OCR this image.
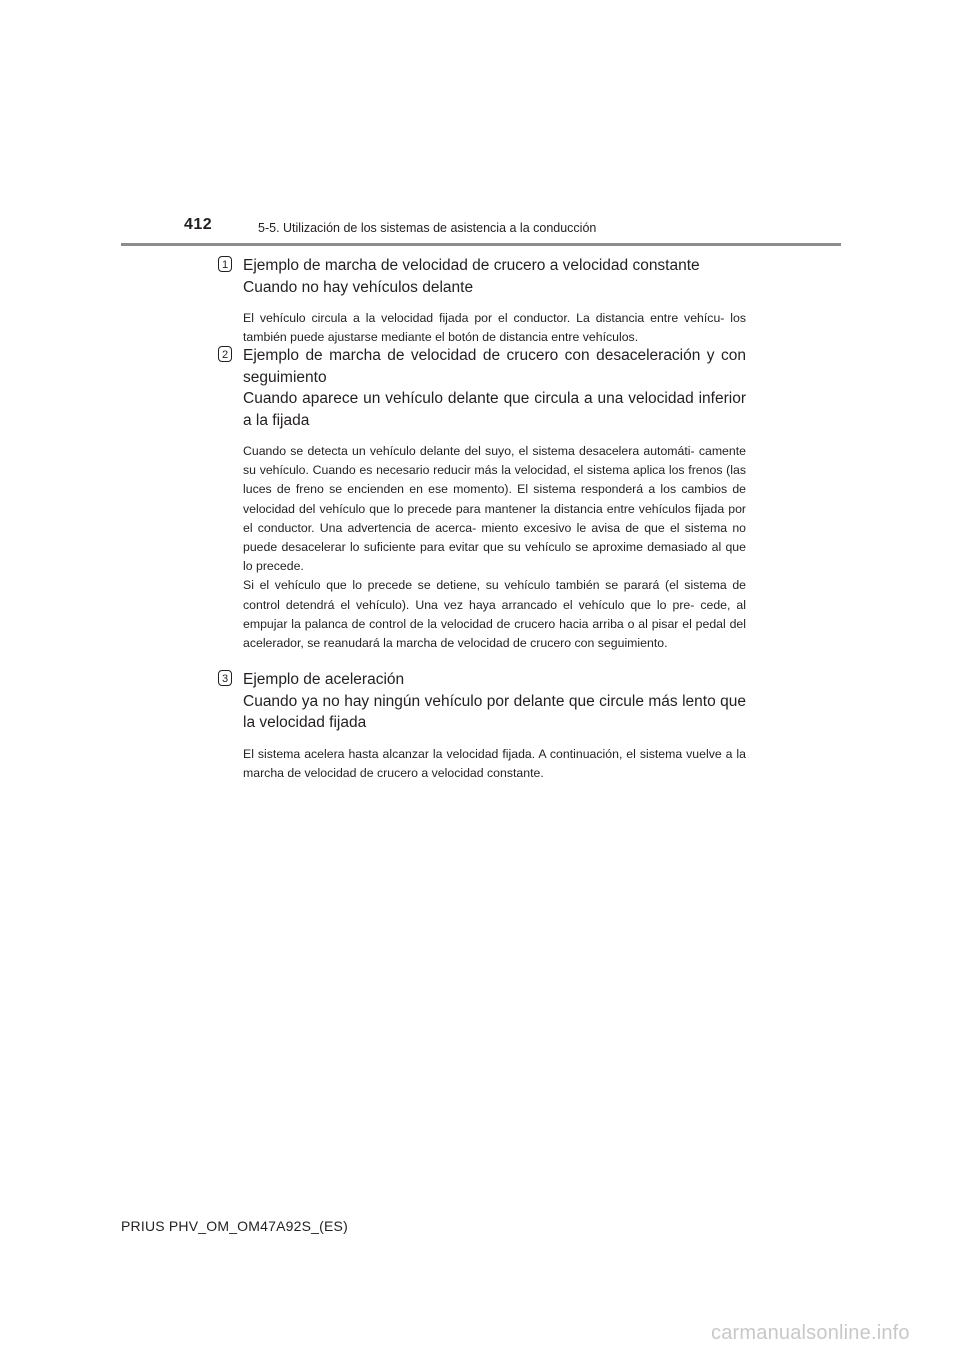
412	5-5. Utilización de los sistemas de asistencia a la conducción
1 Ejemplo de marcha de velocidad de crucero a velocidad constante
Cuando no hay vehículos delante

El vehículo circula a la velocidad fijada por el conductor. La distancia entre vehícu- los también puede ajustarse mediante el botón de distancia entre vehículos.

2 Ejemplo de marcha de velocidad de crucero con desaceleración y con seguimiento
Cuando aparece un vehículo delante que circula a una velocidad inferior a la fijada

Cuando se detecta un vehículo delante del suyo, el sistema desacelera automáti- camente su vehículo. Cuando es necesario reducir más la velocidad, el sistema aplica los frenos (las luces de freno se encienden en ese momento). El sistema responderá a los cambios de velocidad del vehículo que lo precede para mantener la distancia entre vehículos fijada por el conductor. Una advertencia de acerca- miento excesivo le avisa de que el sistema no puede desacelerar lo suficiente para evitar que su vehículo se aproxime demasiado al que lo precede.

Si el vehículo que lo precede se detiene, su vehículo también se parará (el sistema de control detendrá el vehículo). Una vez haya arrancado el vehículo que lo pre- cede, al empujar la palanca de control de la velocidad de crucero hacia arriba o al pisar el pedal del acelerador, se reanudará la marcha de velocidad de crucero con seguimiento.

3 Ejemplo de aceleración
Cuando ya no hay ningún vehículo por delante que circule más lento que la velocidad fijada

El sistema acelera hasta alcanzar la velocidad fijada. A continuación, el sistema vuelve a la marcha de velocidad de crucero a velocidad constante.

PRIUS PHV_OM_OM47A92S_(ES)
carmanualsonline.info
